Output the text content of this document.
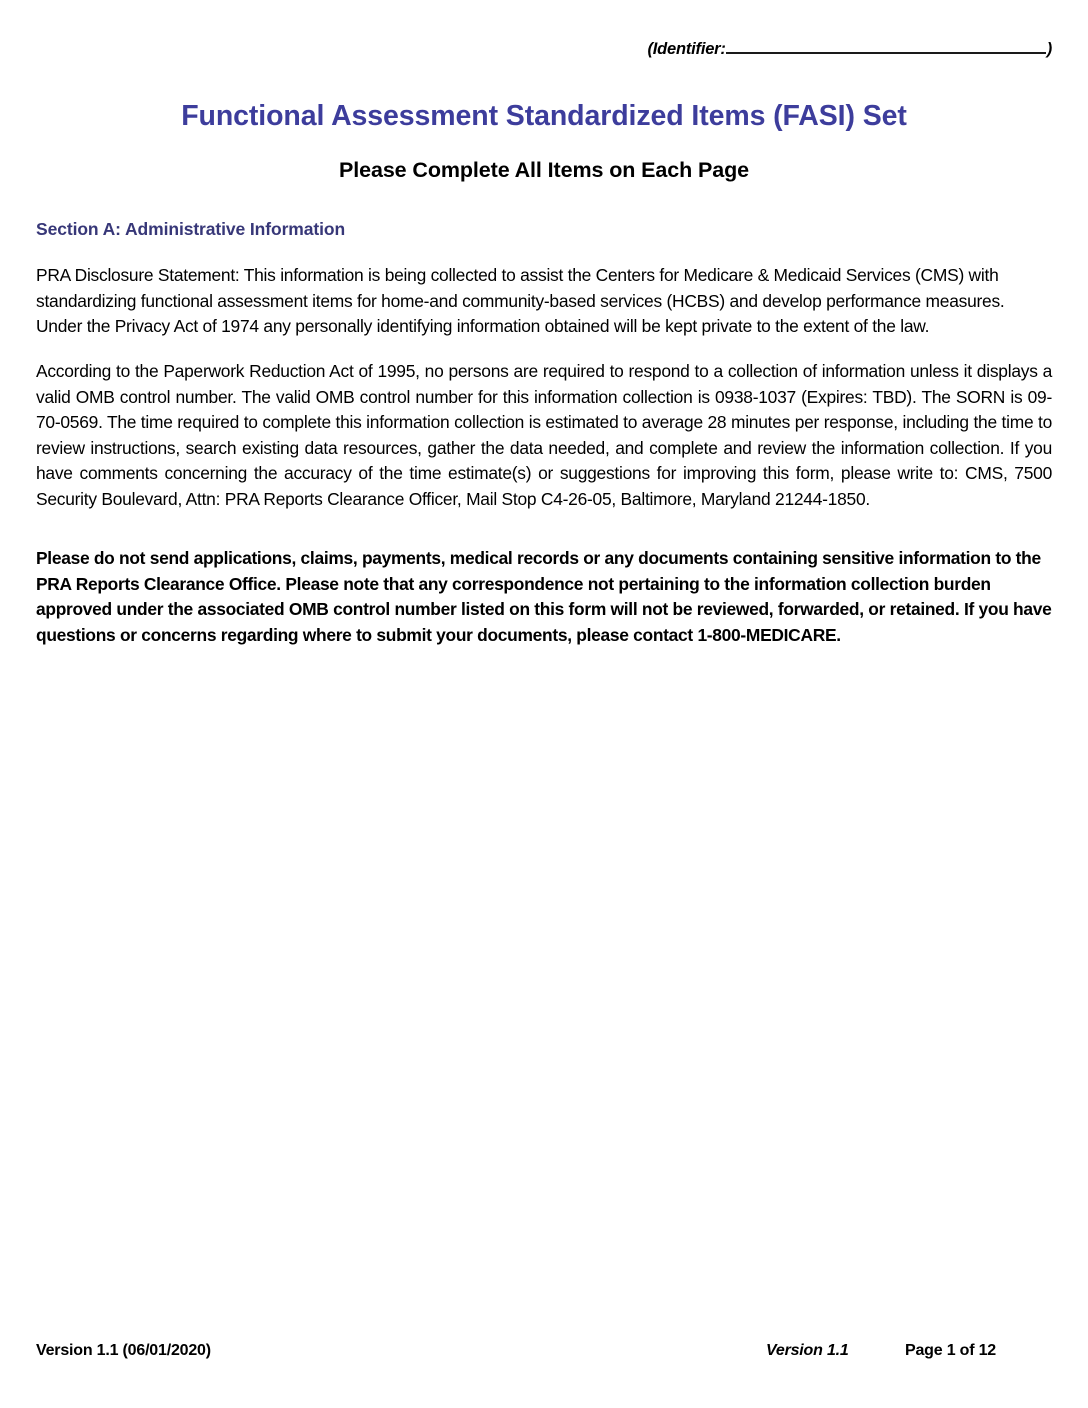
(Identifier:	)
Functional Assessment Standardized Items (FASI) Set
Please Complete All Items on Each Page
Section A: Administrative Information
PRA Disclosure Statement: This information is being collected to assist the Centers for Medicare & Medicaid Services (CMS) with standardizing functional assessment items for home-and community-based services (HCBS) and develop performance measures. Under the Privacy Act of 1974 any personally identifying information obtained will be kept private to the extent of the law.
According to the Paperwork Reduction Act of 1995, no persons are required to respond to a collection of information unless it displays a valid OMB control number. The valid OMB control number for this information collection is 0938-1037 (Expires: TBD). The SORN is 09-70-0569. The time required to complete this information collection is estimated to average 28 minutes per response, including the time to review instructions, search existing data resources, gather the data needed, and complete and review the information collection. If you have comments concerning the accuracy of the time estimate(s) or suggestions for improving this form, please write to: CMS, 7500 Security Boulevard, Attn: PRA Reports Clearance Officer, Mail Stop C4-26-05, Baltimore, Maryland 21244-1850.
Please do not send applications, claims, payments, medical records or any documents containing sensitive information to the PRA Reports Clearance Office. Please note that any correspondence not pertaining to the information collection burden approved under the associated OMB control number listed on this form will not be reviewed, forwarded, or retained. If you have questions or concerns regarding where to submit your documents, please contact 1-800-MEDICARE.
Version 1.1 (06/01/2020)	Version 1.1	Page 1 of 12
